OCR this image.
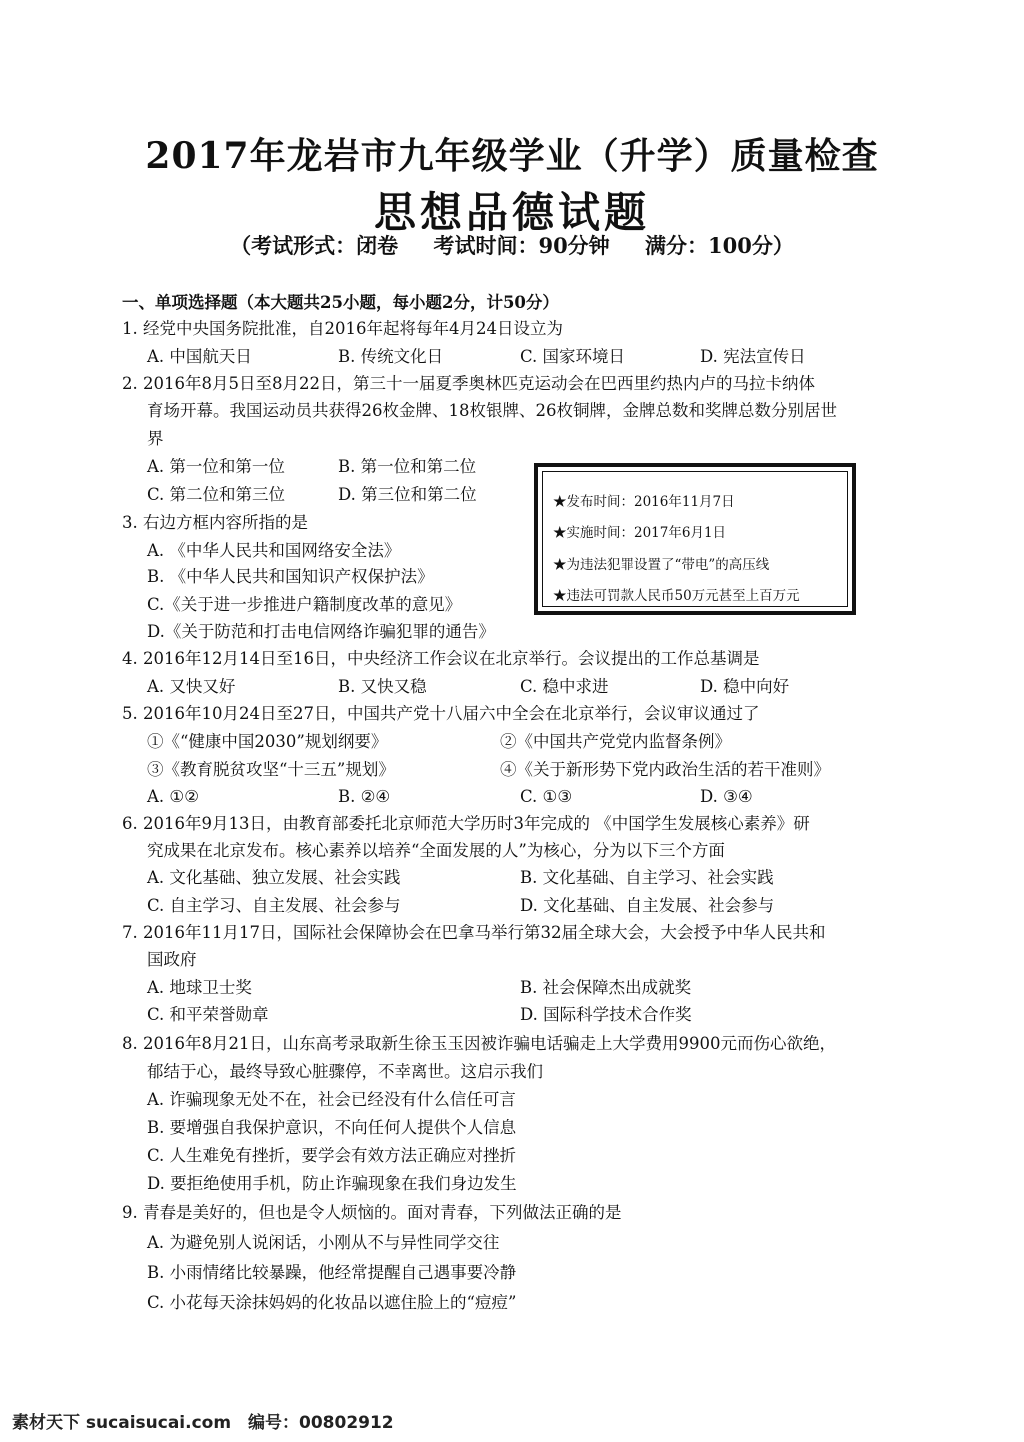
2017年龙岩市九年级学业（升学）质量检查
思想品德试题
（考试形式：闭卷 考试时间：90分钟 满分：100分）
一、单项选择题（本大题共25小题，每小题2分，计50分）
1. 经党中央国务院批准，自2016年起将每年4月24日设立为
A. 中国航天日	B. 传统文化日	C. 国家环境日	D. 宪法宣传日
2. 2016年8月5日至8月22日，第三十一届夏季奥林匹克运动会在巴西里约热内卢的马拉卡纳体
育场开幕。我国运动员共获得26枚金牌、18枚银牌、26枚铜牌，金牌总数和奖牌总数分别居世
界
A. 第一位和第一位	B. 第一位和第二位
C. 第二位和第三位	D. 第三位和第二位	★发布时间：2016年11月7日
★实施时间：2017年6月1日
★为违法犯罪设置了“带电”的高压线
★违法可罚款人民币50万元甚至上百万元
3. 右边方框内容所指的是
A. 《中华人民共和国网络安全法》
B. 《中华人民共和国知识产权保护法》
C.《关于进一步推进户籍制度改革的意见》
D.《关于防范和打击电信网络诈骗犯罪的通告》
4. 2016年12月14日至16日，中央经济工作会议在北京举行。会议提出的工作总基调是
A. 又快又好	B. 又快又稳	C. 稳中求进	D. 稳中向好
5. 2016年10月24日至27日，中国共产党十八届六中全会在北京举行，会议审议通过了
①《“健康中国2030”规划纲要》	②《中国共产党党内监督条例》
③《教育脱贫攻坚“十三五”规划》	④《关于新形势下党内政治生活的若干准则》
A. ①②	B. ②④	C. ①③	D. ③④
6. 2016年9月13日，由教育部委托北京师范大学历时3年完成的 《中国学生发展核心素养》研
究成果在北京发布。核心素养以培养“全面发展的人”为核心，分为以下三个方面
A. 文化基础、独立发展、社会实践	B. 文化基础、自主学习、社会实践
C. 自主学习、自主发展、社会参与	D. 文化基础、自主发展、社会参与
7. 2016年11月17日，国际社会保障协会在巴拿马举行第32届全球大会，大会授予中华人民共和
国政府
A. 地球卫士奖	B. 社会保障杰出成就奖
C. 和平荣誉勋章	D. 国际科学技术合作奖
8. 2016年8月21日，山东高考录取新生徐玉玉因被诈骗电话骗走上大学费用9900元而伤心欲绝，
郁结于心，最终导致心脏骤停，不幸离世。这启示我们
A. 诈骗现象无处不在，社会已经没有什么信任可言
B. 要增强自我保护意识，不向任何人提供个人信息
C. 人生难免有挫折，要学会有效方法正确应对挫折
D. 要拒绝使用手机，防止诈骗现象在我们身边发生
9. 青春是美好的，但也是令人烦恼的。面对青春，下列做法正确的是
A. 为避免别人说闲话，小刚从不与异性同学交往
B. 小雨情绪比较暴躁，他经常提醒自己遇事要冷静
C. 小花每天涂抹妈妈的化妆品以遮住脸上的“痘痘”
素材天下 sucaisucai.com 编号：00802912
